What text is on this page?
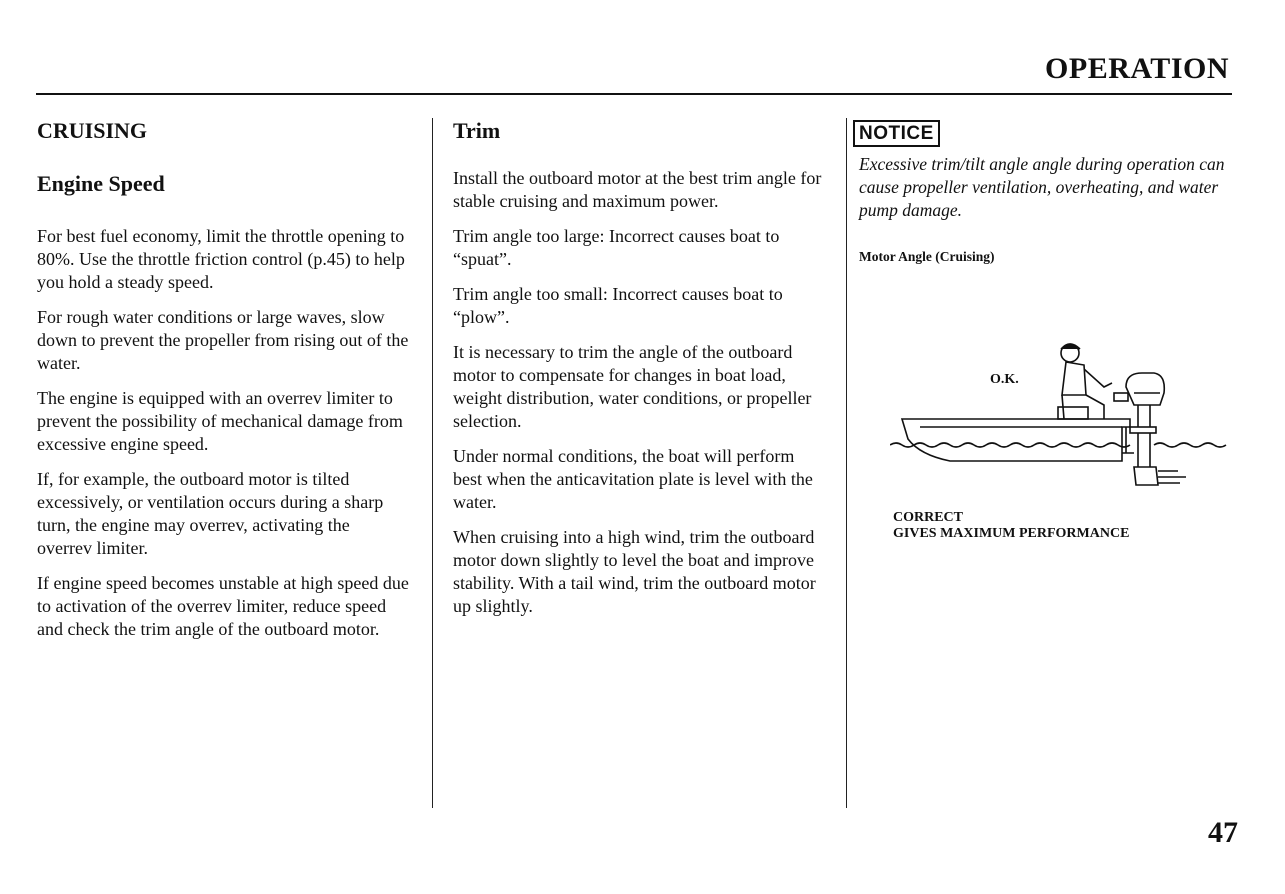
OPERATION
CRUISING
Engine Speed

For best fuel economy, limit the throttle opening to 80%. Use the throttle friction control (p.45) to help you hold a steady speed.

For rough water conditions or large waves, slow down to prevent the propeller from rising out of the water.

The engine is equipped with an overrev limiter to prevent the possibility of mechanical damage from excessive engine speed.

If, for example, the outboard motor is tilted excessively, or ventilation occurs during a sharp turn, the engine may overrev, activating the overrev limiter.

If engine speed becomes unstable at high speed due to activation of the overrev limiter, reduce speed and check the trim angle of the outboard motor.

Trim

Install the outboard motor at the best trim angle for stable cruising and maximum power.

Trim angle too large: Incorrect causes boat to “spuat”.

Trim angle too small: Incorrect causes boat to “plow”.

It is necessary to trim the angle of the outboard motor to compensate for changes in boat load, weight distribution, water conditions, or propeller selection.

Under normal conditions, the boat will perform best when the anticavitation plate is level with the water.

When cruising into a high wind, trim the outboard motor down slightly to level the boat and improve stability. With a tail wind, trim the outboard motor up slightly.

NOTICE

Excessive trim/tilt angle angle during operation can cause propeller ventilation, overheating, and water pump damage.

Motor Angle (Cruising)
O.K.
CORRECT
GIVES MAXIMUM PERFORMANCE
47
